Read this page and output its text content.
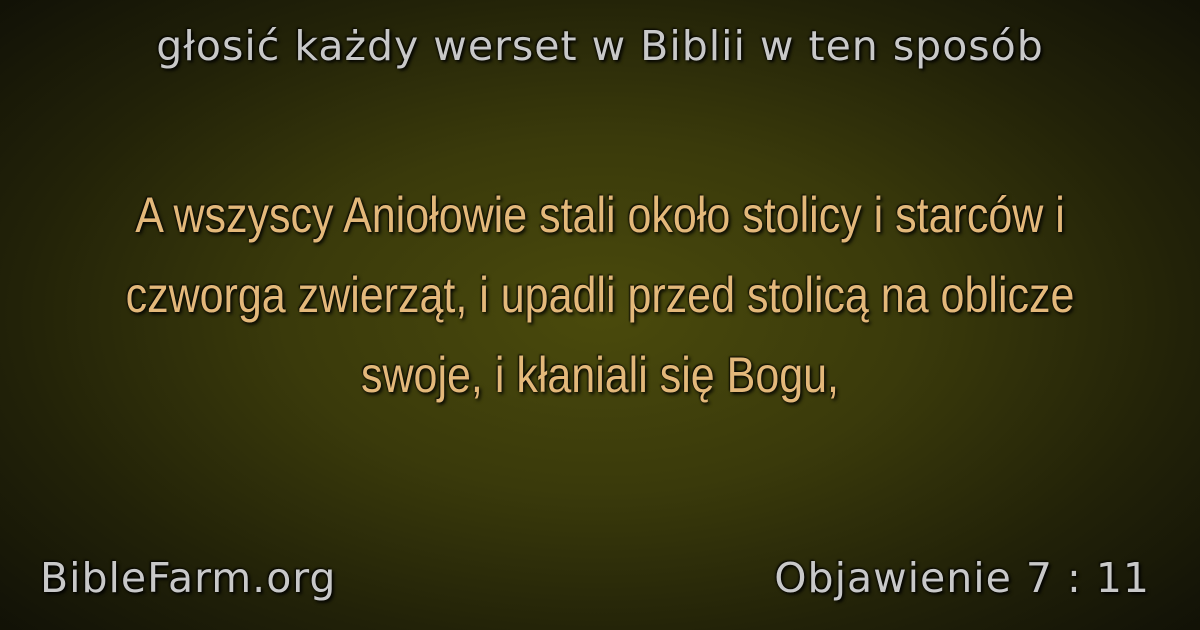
głosić każdy werset w Biblii w ten sposób
A wszyscy Aniołowie stali około stolicy i starców i czworga zwierząt, i upadli przed stolicą na oblicze swoje, i kłaniali się Bogu,
BibleFarm.org	Objawienie 7 : 11
